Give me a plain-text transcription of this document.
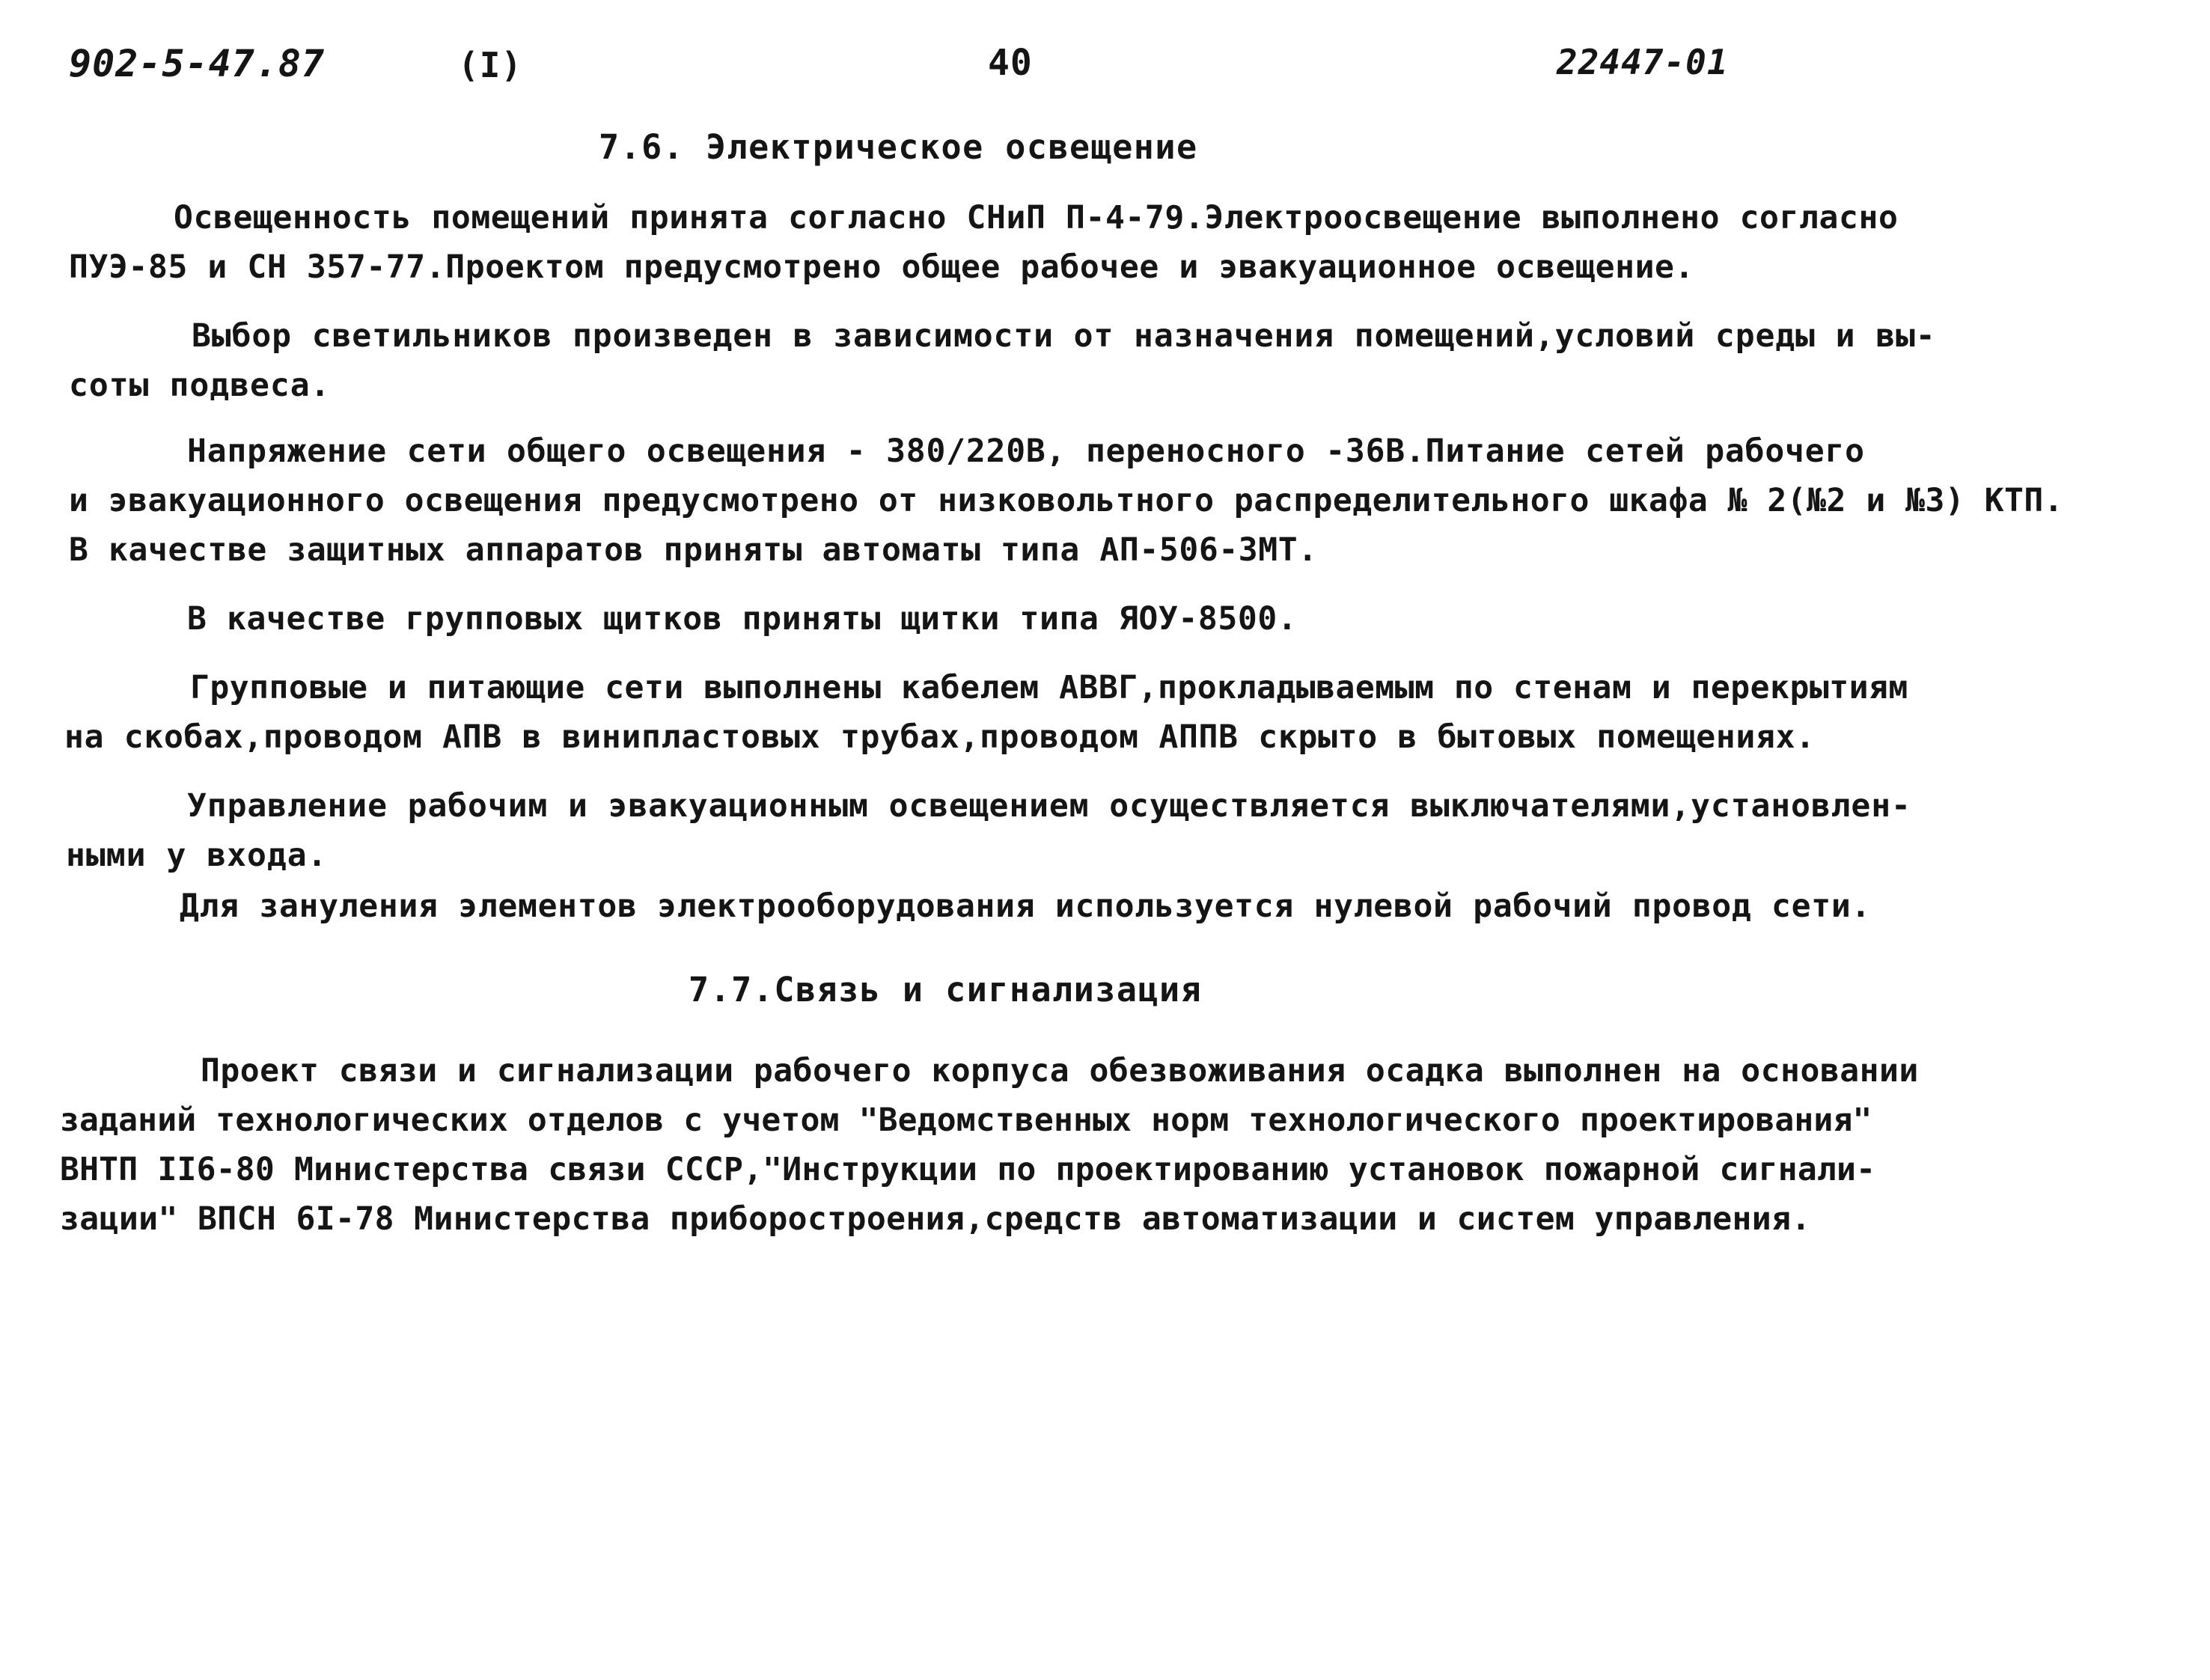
902-5-47.87	(I)	40	22447-01
7.6. Электрическое освещение
Освещенность помещений принята согласно СНиП П-4-79.Электроосвещение выполнено согласно
ПУЭ-85 и СН 357-77.Проектом предусмотрено общее рабочее и эвакуационное освещение.
Выбор светильников произведен в зависимости от назначения помещений,условий среды и вы-
соты подвеса.
Напряжение сети общего освещения - 380/220В, переносного -36В.Питание сетей рабочего
и эвакуационного освещения предусмотрено от низковольтного распределительного шкафа № 2(№2 и №3) КТП.
В качестве защитных аппаратов приняты автоматы типа АП-506-3МТ.
В качестве групповых щитков приняты щитки типа ЯОУ-8500.
Групповые и питающие сети выполнены кабелем АВВГ,прокладываемым по стенам и перекрытиям
на скобах,проводом АПВ в винипластовых трубах,проводом АППВ скрыто в бытовых помещениях.
Управление рабочим и эвакуационным освещением осуществляется выключателями,установлен-
ными у входа.
Для зануления элементов электрооборудования используется нулевой рабочий провод сети.
7.7.Связь и сигнализация
Проект связи и сигнализации рабочего корпуса обезвоживания осадка выполнен на основании
заданий технологических отделов с учетом "Ведомственных норм технологического проектирования"
ВНТП II6-80 Министерства связи СССР,"Инструкции по проектированию установок пожарной сигнали-
зации" ВПСН 6I-78 Министерства приборостроения,средств автоматизации и систем управления.
